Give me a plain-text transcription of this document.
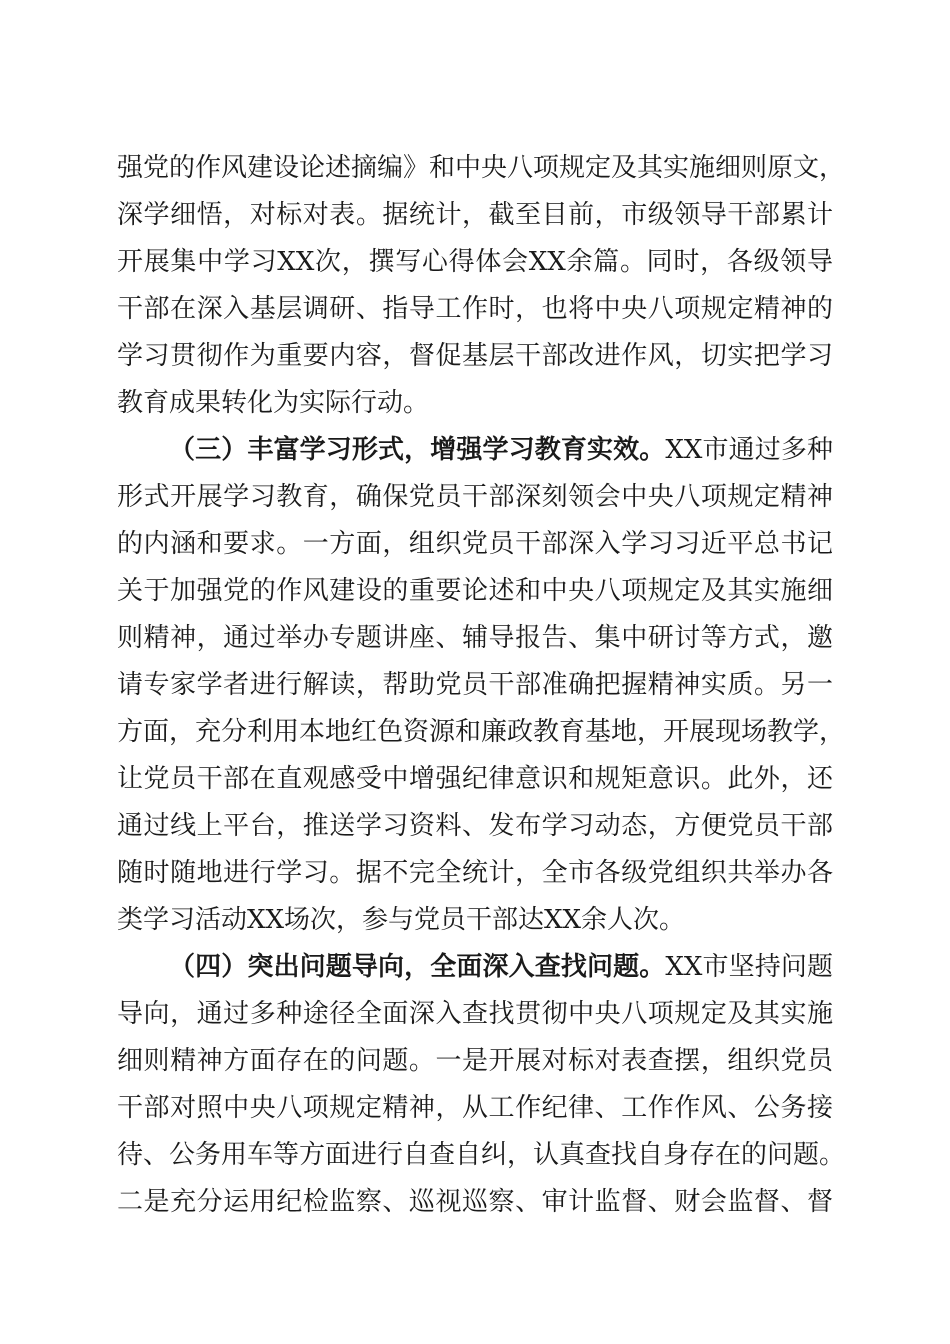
强党的作风建设论述摘编》和中央八项规定及其实施细则原文，
深学细悟，对标对表。据统计，截至目前，市级领导干部累计
开展集中学习XX次，撰写心得体会XX余篇。同时，各级领导
干部在深入基层调研、指导工作时，也将中央八项规定精神的
学习贯彻作为重要内容，督促基层干部改进作风，切实把学习
教育成果转化为实际行动。
（三）丰富学习形式，增强学习教育实效。XX市通过多种
形式开展学习教育，确保党员干部深刻领会中央八项规定精神
的内涵和要求。一方面，组织党员干部深入学习习近平总书记
关于加强党的作风建设的重要论述和中央八项规定及其实施细
则精神，通过举办专题讲座、辅导报告、集中研讨等方式，邀
请专家学者进行解读，帮助党员干部准确把握精神实质。另一
方面，充分利用本地红色资源和廉政教育基地，开展现场教学，
让党员干部在直观感受中增强纪律意识和规矩意识。此外，还
通过线上平台，推送学习资料、发布学习动态，方便党员干部
随时随地进行学习。据不完全统计，全市各级党组织共举办各
类学习活动XX场次，参与党员干部达XX余人次。
（四）突出问题导向，全面深入查找问题。XX市坚持问题
导向，通过多种途径全面深入查找贯彻中央八项规定及其实施
细则精神方面存在的问题。一是开展对标对表查摆，组织党员
干部对照中央八项规定精神，从工作纪律、工作作风、公务接
待、公务用车等方面进行自查自纠，认真查找自身存在的问题。
二是充分运用纪检监察、巡视巡察、审计监督、财会监督、督
